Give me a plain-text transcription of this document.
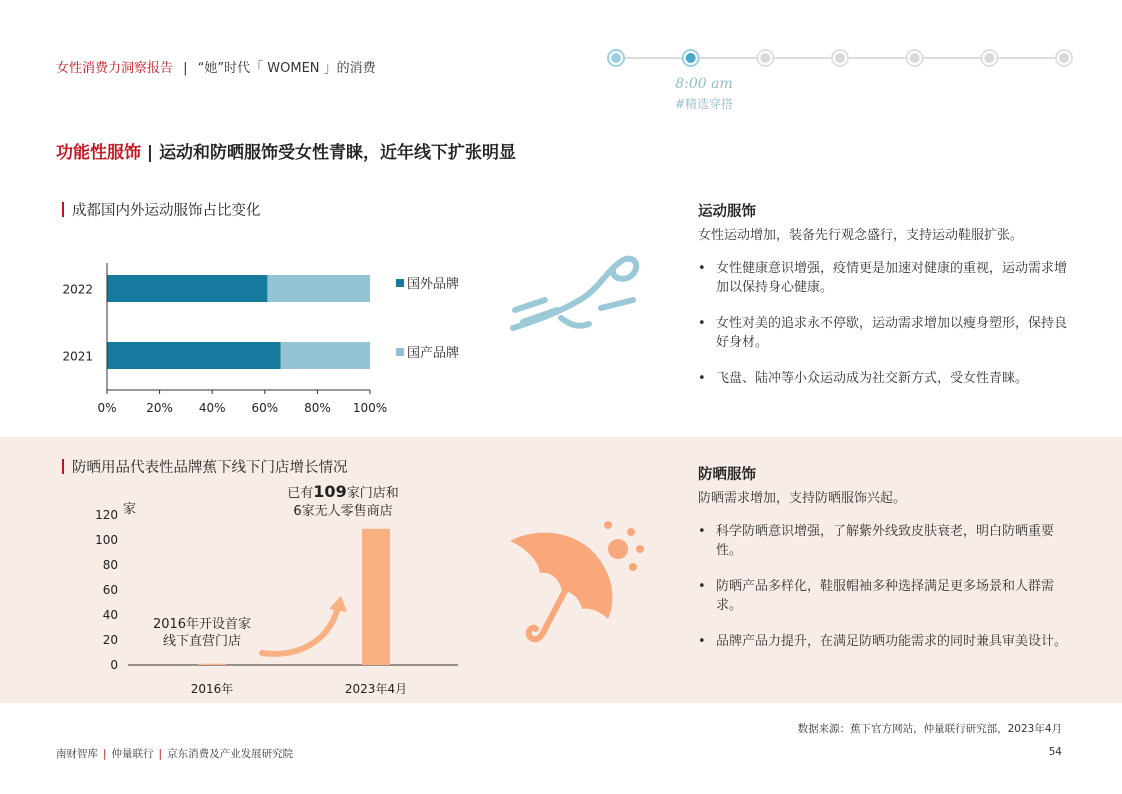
女性消费力洞察报告 | “她”时代「 WOMEN 」的消费
8:00 am
#精选穿搭
功能性服饰 | 运动和防晒服饰受女性青睐，近年线下扩张明显
成都国内外运动服饰占比变化
2022
2021
0% 20% 40% 60% 80% 100%
国外品牌
国产品牌
运动服饰
女性运动增加，装备先行观念盛行，支持运动鞋服扩张。
• 女性健康意识增强，疫情更是加速对健康的重视，运动需求增加以保持身心健康。
• 女性对美的追求永不停歇，运动需求增加以瘦身塑形，保持良好身材。
• 飞盘、陆冲等小众运动成为社交新方式，受女性青睐。
防晒用品代表性品牌蕉下线下门店增长情况
0
20
40
60
80
100
120 家
2016年	2023年4月
2016年开设首家
线下直营门店
已有109家门店和
6家无人零售商店
防晒服饰
防晒需求增加，支持防晒服饰兴起。
• 科学防晒意识增强，了解紫外线致皮肤衰老，明白防晒重要性。
• 防晒产品多样化，鞋服帽袖多种选择满足更多场景和人群需求。
• 品牌产品力提升，在满足防晒功能需求的同时兼具审美设计。
数据来源：蕉下官方网站，仲量联行研究部，2023年4月
南财智库 | 仲量联行 | 京东消费及产业发展研究院	54
